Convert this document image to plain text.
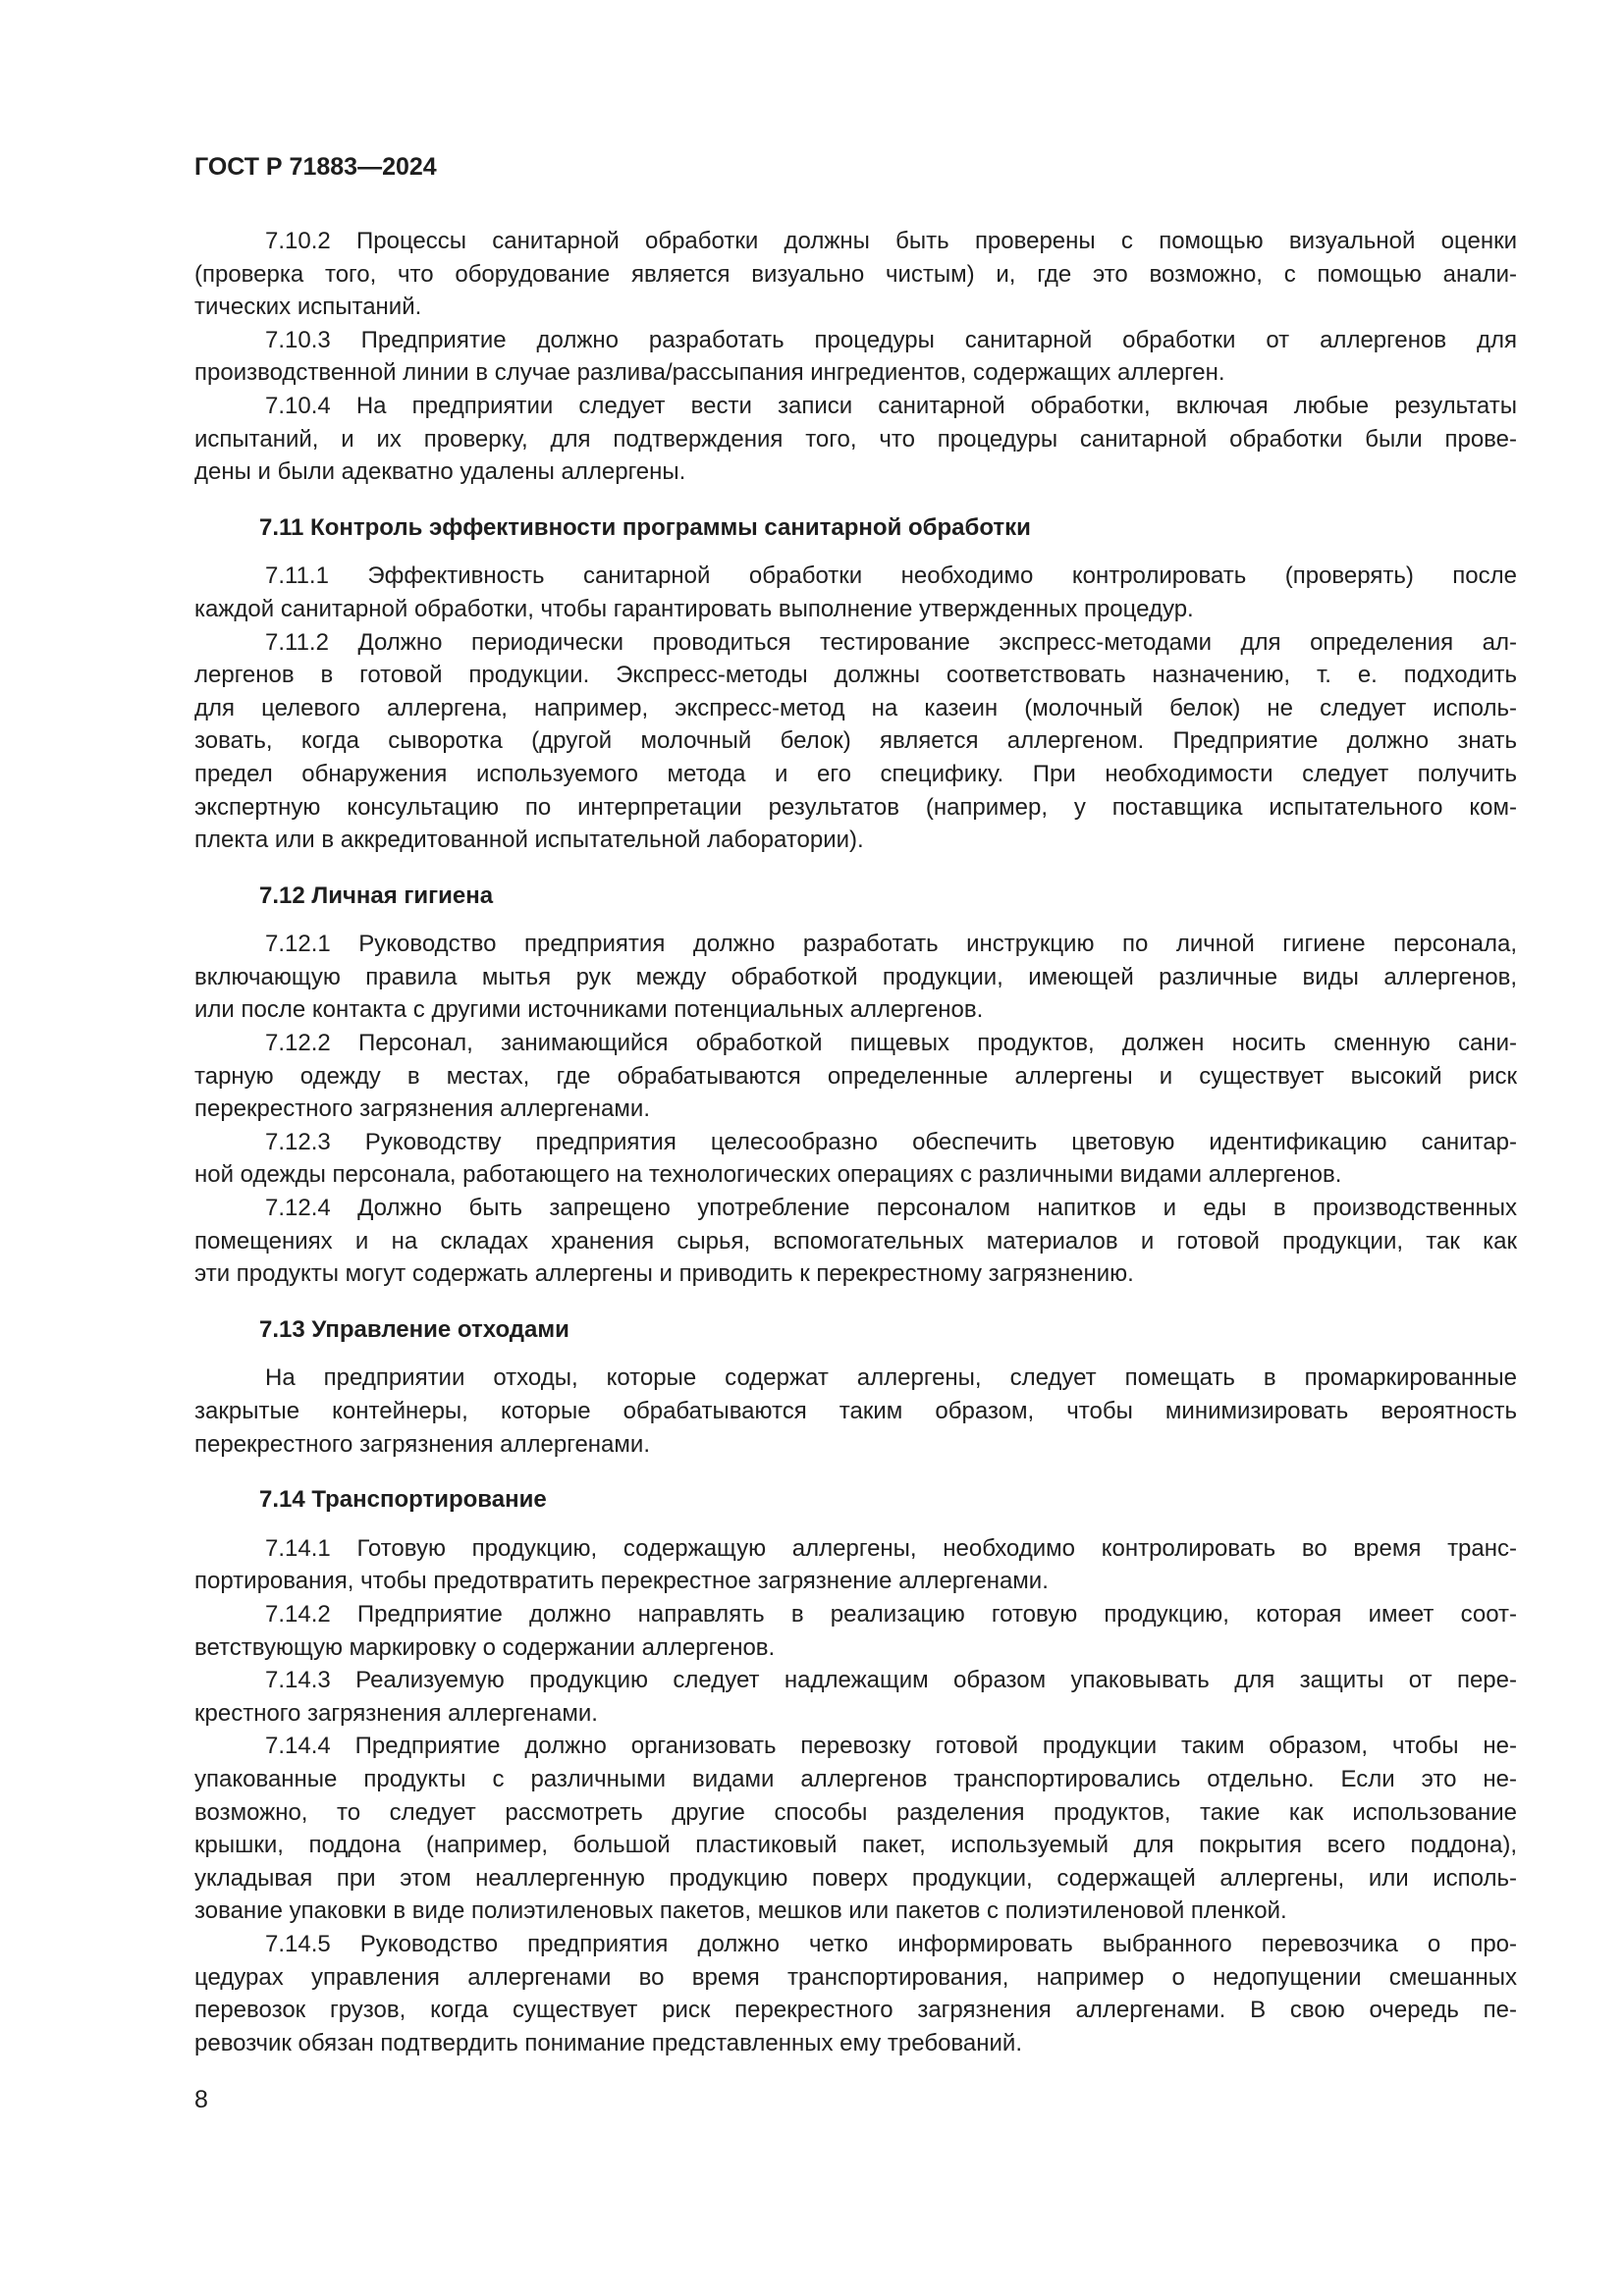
ГОСТ Р 71883—2024
7.10.2 Процессы санитарной обработки должны быть проверены с помощью визуальной оценки
(проверка того, что оборудование является визуально чистым) и, где это возможно, с помощью анали-
тических испытаний.
7.10.3 Предприятие должно разработать процедуры санитарной обработки от аллергенов для
производственной линии в случае разлива/рассыпания ингредиентов, содержащих аллерген.
7.10.4 На предприятии следует вести записи санитарной обработки, включая любые результаты
испытаний, и их проверку, для подтверждения того, что процедуры санитарной обработки были прове-
дены и были адекватно удалены аллергены.
7.11 Контроль эффективности программы санитарной обработки
7.11.1 Эффективность санитарной обработки необходимо контролировать (проверять) после
каждой санитарной обработки, чтобы гарантировать выполнение утвержденных процедур.
7.11.2 Должно периодически проводиться тестирование экспресс-методами для определения ал-
лергенов в готовой продукции. Экспресс-методы должны соответствовать назначению, т. е. подходить
для целевого аллергена, например, экспресс-метод на казеин (молочный белок) не следует исполь-
зовать, когда сыворотка (другой молочный белок) является аллергеном. Предприятие должно знать
предел обнаружения используемого метода и его специфику. При необходимости следует получить
экспертную консультацию по интерпретации результатов (например, у поставщика испытательного ком-
плекта или в аккредитованной испытательной лаборатории).
7.12 Личная гигиена
7.12.1 Руководство предприятия должно разработать инструкцию по личной гигиене персонала,
включающую правила мытья рук между обработкой продукции, имеющей различные виды аллергенов,
или после контакта с другими источниками потенциальных аллергенов.
7.12.2 Персонал, занимающийся обработкой пищевых продуктов, должен носить сменную сани-
тарную одежду в местах, где обрабатываются определенные аллергены и существует высокий риск
перекрестного загрязнения аллергенами.
7.12.3 Руководству предприятия целесообразно обеспечить цветовую идентификацию санитар-
ной одежды персонала, работающего на технологических операциях с различными видами аллергенов.
7.12.4 Должно быть запрещено употребление персоналом напитков и еды в производственных
помещениях и на складах хранения сырья, вспомогательных материалов и готовой продукции, так как
эти продукты могут содержать аллергены и приводить к перекрестному загрязнению.
7.13 Управление отходами
На предприятии отходы, которые содержат аллергены, следует помещать в промаркированные
закрытые контейнеры, которые обрабатываются таким образом, чтобы минимизировать вероятность
перекрестного загрязнения аллергенами.
7.14 Транспортирование
7.14.1 Готовую продукцию, содержащую аллергены, необходимо контролировать во время транс-
портирования, чтобы предотвратить перекрестное загрязнение аллергенами.
7.14.2 Предприятие должно направлять в реализацию готовую продукцию, которая имеет соот-
ветствующую маркировку о содержании аллергенов.
7.14.3 Реализуемую продукцию следует надлежащим образом упаковывать для защиты от пере-
крестного загрязнения аллергенами.
7.14.4 Предприятие должно организовать перевозку готовой продукции таким образом, чтобы не-
упакованные продукты с различными видами аллергенов транспортировались отдельно. Если это не-
возможно, то следует рассмотреть другие способы разделения продуктов, такие как использование
крышки, поддона (например, большой пластиковый пакет, используемый для покрытия всего поддона),
укладывая при этом неаллергенную продукцию поверх продукции, содержащей аллергены, или исполь-
зование упаковки в виде полиэтиленовых пакетов, мешков или пакетов с полиэтиленовой пленкой.
7.14.5 Руководство предприятия должно четко информировать выбранного перевозчика о про-
цедурах управления аллергенами во время транспортирования, например о недопущении смешанных
перевозок грузов, когда существует риск перекрестного загрязнения аллергенами. В свою очередь пе-
ревозчик обязан подтвердить понимание представленных ему требований.
8
